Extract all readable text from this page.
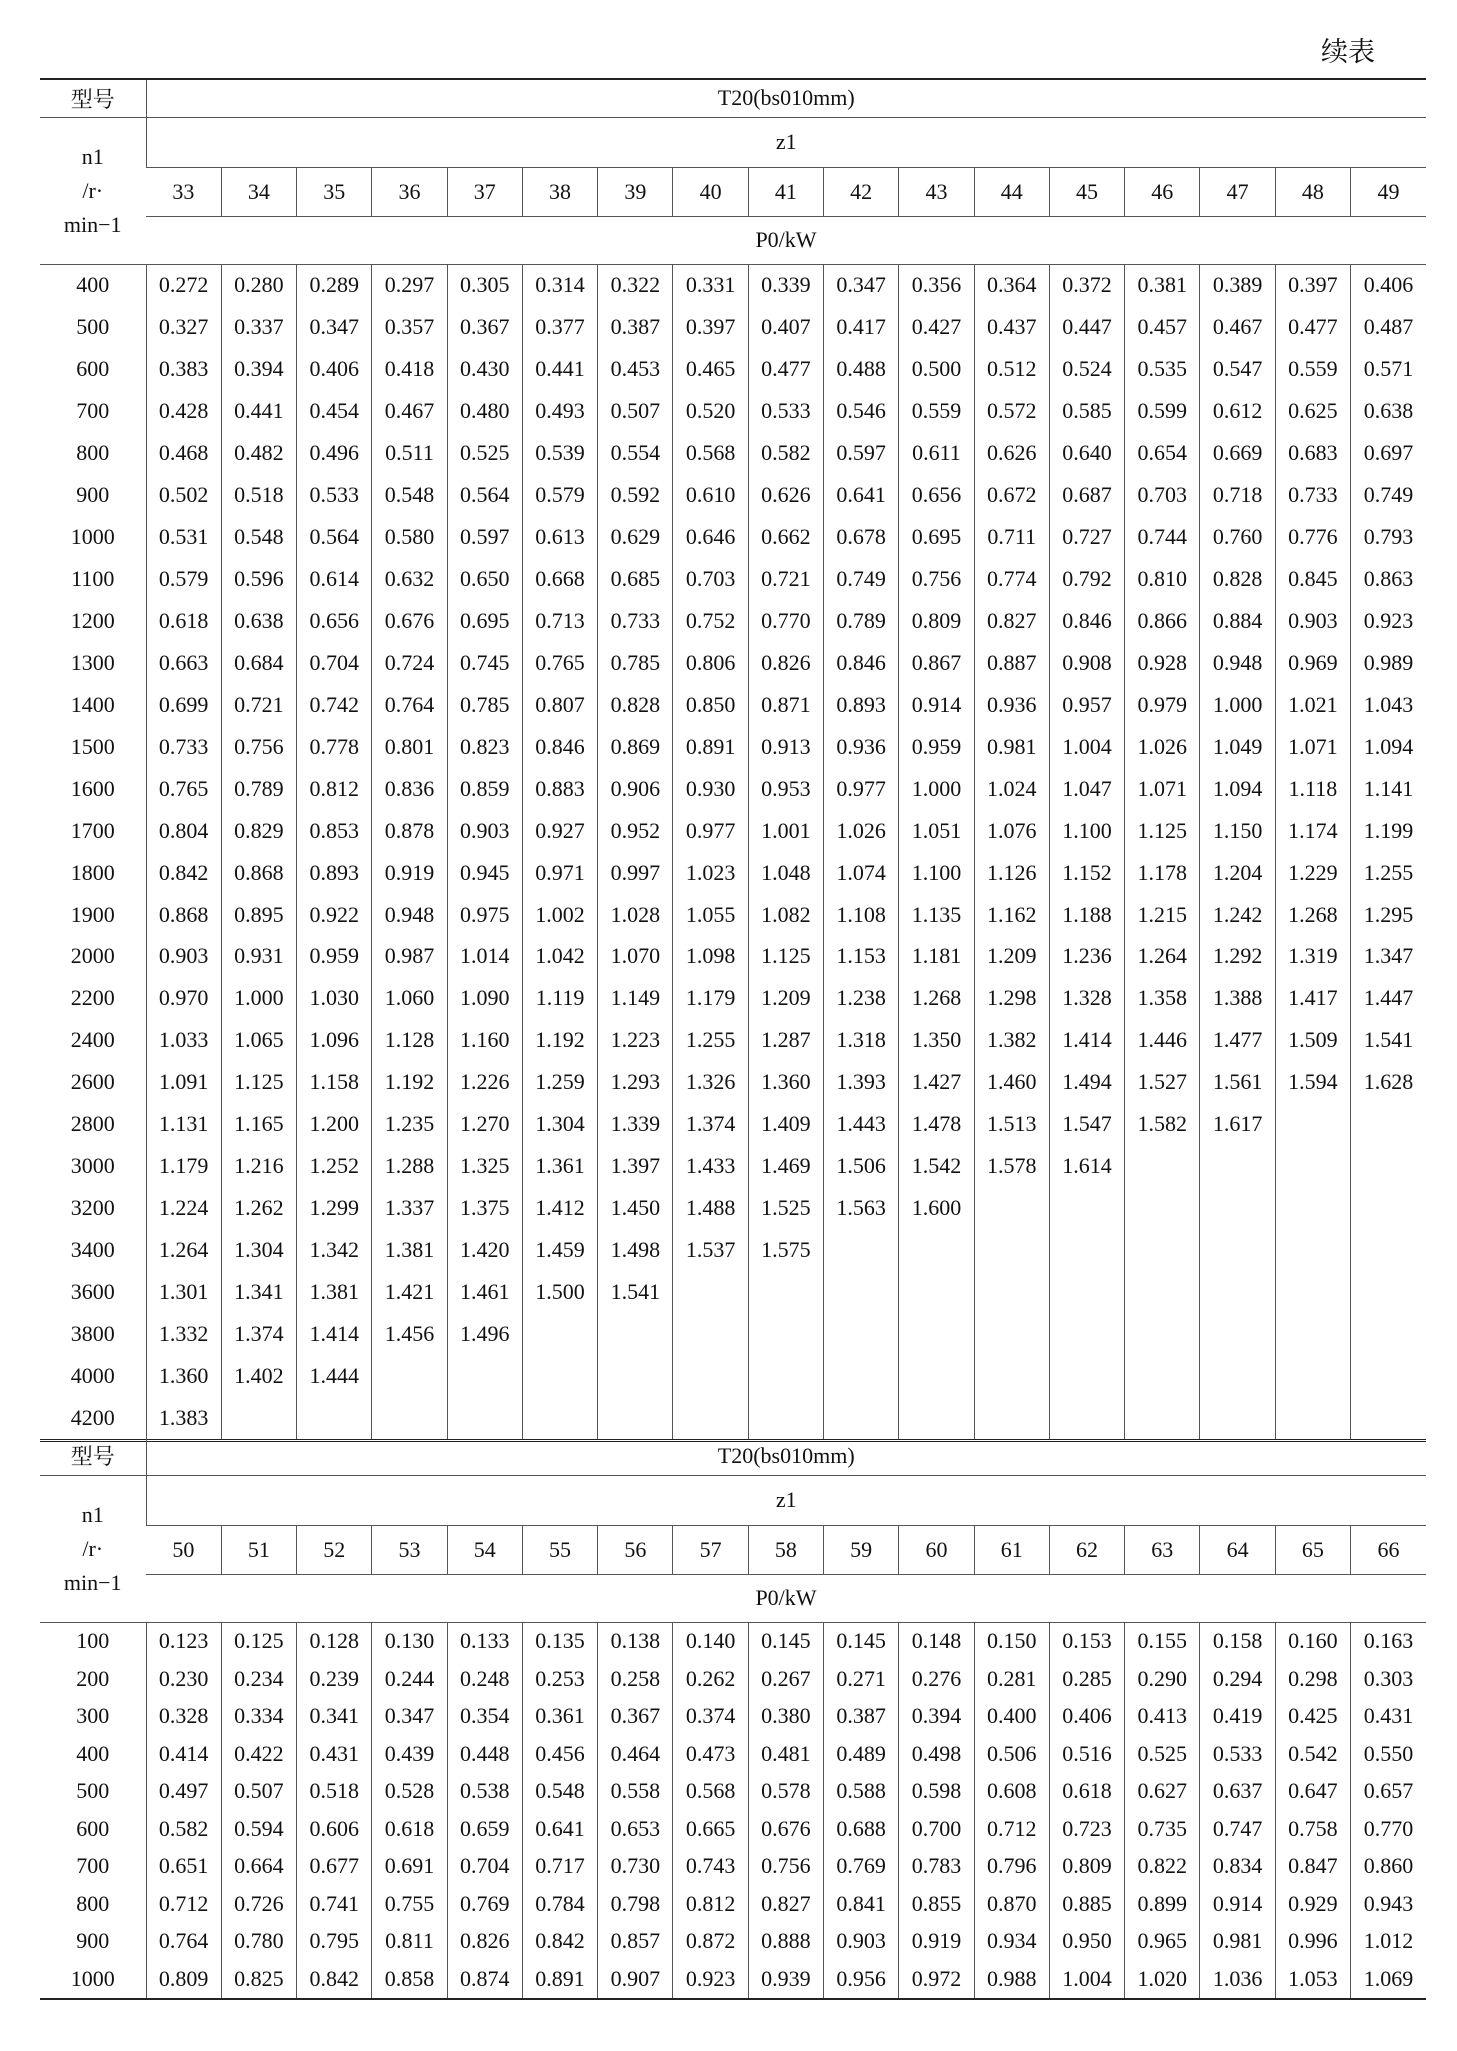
续表
型号	T20(bs010mm)																

n1
/r·
min−1	z1																
	33	34	35	36	37	38	39	40	41	42	43	44	45	46	47	48	49
	P0/kW																
400	0.272	0.280	0.289	0.297	0.305	0.314	0.322	0.331	0.339	0.347	0.356	0.364	0.372	0.381	0.389	0.397	0.406
500	0.327	0.337	0.347	0.357	0.367	0.377	0.387	0.397	0.407	0.417	0.427	0.437	0.447	0.457	0.467	0.477	0.487
600	0.383	0.394	0.406	0.418	0.430	0.441	0.453	0.465	0.477	0.488	0.500	0.512	0.524	0.535	0.547	0.559	0.571
700	0.428	0.441	0.454	0.467	0.480	0.493	0.507	0.520	0.533	0.546	0.559	0.572	0.585	0.599	0.612	0.625	0.638
800	0.468	0.482	0.496	0.511	0.525	0.539	0.554	0.568	0.582	0.597	0.611	0.626	0.640	0.654	0.669	0.683	0.697
900	0.502	0.518	0.533	0.548	0.564	0.579	0.592	0.610	0.626	0.641	0.656	0.672	0.687	0.703	0.718	0.733	0.749
1000	0.531	0.548	0.564	0.580	0.597	0.613	0.629	0.646	0.662	0.678	0.695	0.711	0.727	0.744	0.760	0.776	0.793
1100	0.579	0.596	0.614	0.632	0.650	0.668	0.685	0.703	0.721	0.749	0.756	0.774	0.792	0.810	0.828	0.845	0.863
1200	0.618	0.638	0.656	0.676	0.695	0.713	0.733	0.752	0.770	0.789	0.809	0.827	0.846	0.866	0.884	0.903	0.923
1300	0.663	0.684	0.704	0.724	0.745	0.765	0.785	0.806	0.826	0.846	0.867	0.887	0.908	0.928	0.948	0.969	0.989
1400	0.699	0.721	0.742	0.764	0.785	0.807	0.828	0.850	0.871	0.893	0.914	0.936	0.957	0.979	1.000	1.021	1.043
1500	0.733	0.756	0.778	0.801	0.823	0.846	0.869	0.891	0.913	0.936	0.959	0.981	1.004	1.026	1.049	1.071	1.094
1600	0.765	0.789	0.812	0.836	0.859	0.883	0.906	0.930	0.953	0.977	1.000	1.024	1.047	1.071	1.094	1.118	1.141
1700	0.804	0.829	0.853	0.878	0.903	0.927	0.952	0.977	1.001	1.026	1.051	1.076	1.100	1.125	1.150	1.174	1.199
1800	0.842	0.868	0.893	0.919	0.945	0.971	0.997	1.023	1.048	1.074	1.100	1.126	1.152	1.178	1.204	1.229	1.255
1900	0.868	0.895	0.922	0.948	0.975	1.002	1.028	1.055	1.082	1.108	1.135	1.162	1.188	1.215	1.242	1.268	1.295
2000	0.903	0.931	0.959	0.987	1.014	1.042	1.070	1.098	1.125	1.153	1.181	1.209	1.236	1.264	1.292	1.319	1.347
2200	0.970	1.000	1.030	1.060	1.090	1.119	1.149	1.179	1.209	1.238	1.268	1.298	1.328	1.358	1.388	1.417	1.447
2400	1.033	1.065	1.096	1.128	1.160	1.192	1.223	1.255	1.287	1.318	1.350	1.382	1.414	1.446	1.477	1.509	1.541
2600	1.091	1.125	1.158	1.192	1.226	1.259	1.293	1.326	1.360	1.393	1.427	1.460	1.494	1.527	1.561	1.594	1.628
2800	1.131	1.165	1.200	1.235	1.270	1.304	1.339	1.374	1.409	1.443	1.478	1.513	1.547	1.582	1.617		
3000	1.179	1.216	1.252	1.288	1.325	1.361	1.397	1.433	1.469	1.506	1.542	1.578	1.614				
3200	1.224	1.262	1.299	1.337	1.375	1.412	1.450	1.488	1.525	1.563	1.600						
3400	1.264	1.304	1.342	1.381	1.420	1.459	1.498	1.537	1.575								
3600	1.301	1.341	1.381	1.421	1.461	1.500	1.541										
3800	1.332	1.374	1.414	1.456	1.496												
4000	1.360	1.402	1.444														
4200	1.383																
型号	T20(bs010mm)																

n1
/r·
min−1	z1																
	50	51	52	53	54	55	56	57	58	59	60	61	62	63	64	65	66
	P0/kW																
100	0.123	0.125	0.128	0.130	0.133	0.135	0.138	0.140	0.145	0.145	0.148	0.150	0.153	0.155	0.158	0.160	0.163
200	0.230	0.234	0.239	0.244	0.248	0.253	0.258	0.262	0.267	0.271	0.276	0.281	0.285	0.290	0.294	0.298	0.303
300	0.328	0.334	0.341	0.347	0.354	0.361	0.367	0.374	0.380	0.387	0.394	0.400	0.406	0.413	0.419	0.425	0.431
400	0.414	0.422	0.431	0.439	0.448	0.456	0.464	0.473	0.481	0.489	0.498	0.506	0.516	0.525	0.533	0.542	0.550
500	0.497	0.507	0.518	0.528	0.538	0.548	0.558	0.568	0.578	0.588	0.598	0.608	0.618	0.627	0.637	0.647	0.657
600	0.582	0.594	0.606	0.618	0.659	0.641	0.653	0.665	0.676	0.688	0.700	0.712	0.723	0.735	0.747	0.758	0.770
700	0.651	0.664	0.677	0.691	0.704	0.717	0.730	0.743	0.756	0.769	0.783	0.796	0.809	0.822	0.834	0.847	0.860
800	0.712	0.726	0.741	0.755	0.769	0.784	0.798	0.812	0.827	0.841	0.855	0.870	0.885	0.899	0.914	0.929	0.943
900	0.764	0.780	0.795	0.811	0.826	0.842	0.857	0.872	0.888	0.903	0.919	0.934	0.950	0.965	0.981	0.996	1.012
1000	0.809	0.825	0.842	0.858	0.874	0.891	0.907	0.923	0.939	0.956	0.972	0.988	1.004	1.020	1.036	1.053	1.069
